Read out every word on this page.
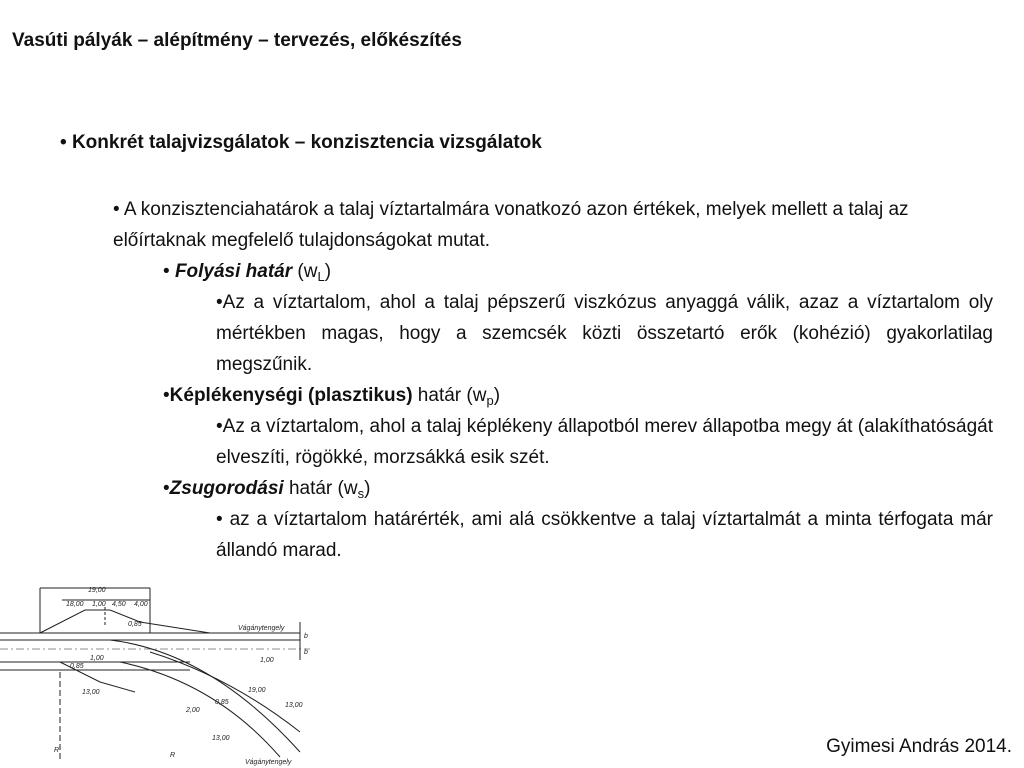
Vasúti pályák – alépítmény – tervezés, előkészítés
• Konkrét talajvizsgálatok – konzisztencia vizsgálatok
• A konzisztenciahatárok a talaj víztartalmára vonatkozó azon értékek, melyek mellett a talaj az előírtaknak megfelelő tulajdonságokat mutat.
• Folyási határ $(w_L)$
•Az a víztartalom, ahol a talaj pépszerű viszkózus anyaggá válik, azaz a víztartalom oly mértékben magas, hogy a szemcsék közti összetartó erők (kohézió) gyakorlatilag megszűnik.
•Képlékenységi (plasztikus) határ $(w_p)$
•Az a víztartalom, ahol a talaj képlékeny állapotból merev állapotba megy át (alakíthatóságát elveszíti, rögökké, morzsákká esik szét.
•Zsugorodási határ $(w_s)$
• az a víztartalom határérték, ami alá csökkentve a talaj víztartalmát a minta térfogata már állandó marad.
19,00
18,00 1,00 4,50 4,00
Vágánytengely
0,85
1,00
1,00
0,85
13,00
2,00
0,85
19,00
13,00
13,00
b
b
R
R
Vágánytengely
Gyimesi András 2014.
